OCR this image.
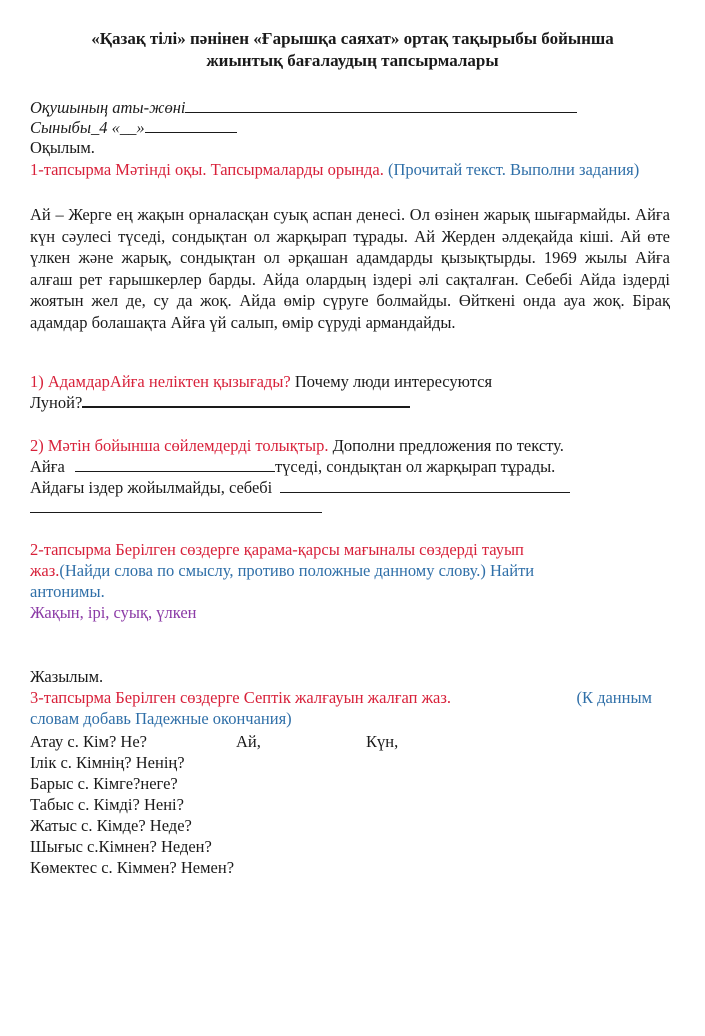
«Қазақ тілі» пәнінен «Ғарышқа саяхат» ортақ тақырыбы бойынша
жиынтық бағалаудың тапсырмалары
Оқушының аты-жөні
Сыныбы_4 «__»
Оқылым.
1-тапсырма Мәтінді оқы. Тапсырмаларды орында. (Прочитай текст. Выполни задания)
Ай – Жерге ең жақын орналасқан суық аспан денесі. Ол өзінен жарық шығармайды. Айға күн сәулесі түседі, сондықтан ол жарқырап тұрады. Ай Жерден әлдеқайда кіші. Ай өте үлкен және жарық, сондықтан ол әрқашан адамдарды қызықтырды. 1969 жылы Айға алғаш рет ғарышкерлер барды. Айда олардың іздері әлі сақталған. Себебі Айда іздерді жоятын жел де, су да жоқ. Айда өмір сүруге болмайды. Өйткені онда ауа жоқ. Бірақ адамдар болашақта Айға үй салып, өмір сүруді армандайды.
1) АдамдарАйға неліктен қызығады? Почему люди интересуются
Луной?
2) Мәтін бойынша сөйлемдерді толықтыр. Дополни предложения по тексту.
Айға	түседі, сондықтан ол жарқырап тұрады.
Айдағы іздер жойылмайды, себебі
2-тапсырма Берілген сөздерге қарама-қарсы мағыналы сөздерді тауып
жаз.(Найди слова по смыслу, противо положные данному слову.) Найти
антонимы.
Жақын, ірі, суық, үлкен
Жазылым.
3-тапсырма Берілген сөздерге Септік жалғауын жалғап жаз.	(К данным
словам добавь Падежные окончания)
Атау с. Кім? Не?	Ай,	Күн,
Ілік с. Кімнің? Ненің?
Барыс с. Кімге?неге?
Табыс с. Кімді? Нені?
Жатыс с. Кімде? Неде?
Шығыс с.Кімнен? Неден?
Көмектес с. Кіммен? Немен?
